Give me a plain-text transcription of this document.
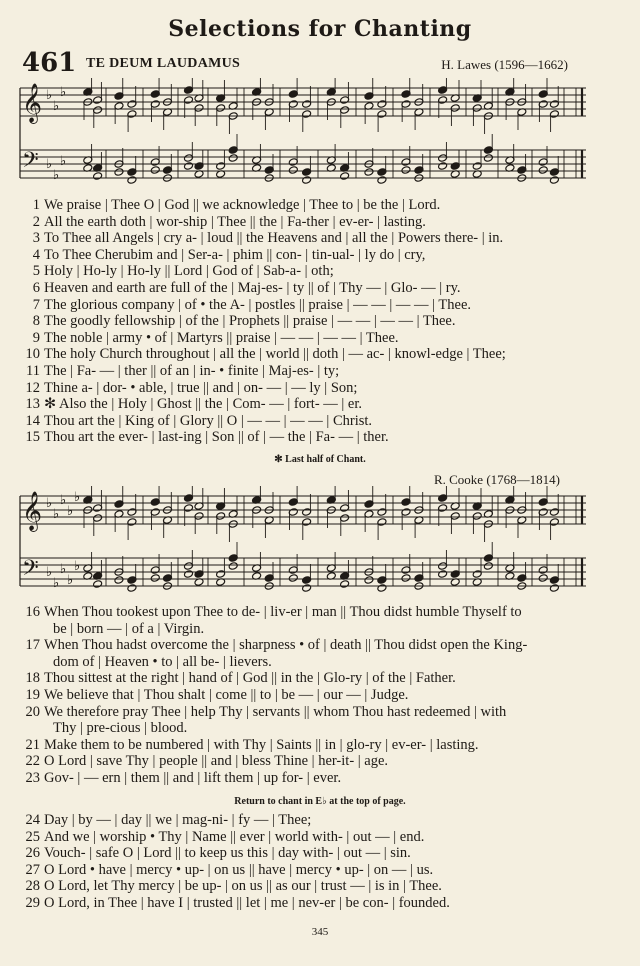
Selections for Chanting
461 TE DEUM LAUDAMUS	H. Lawes (1596—1662)
𝄞 ♭
♭
♭
𝄢 ♭
♭
♭
1 We praise | Thee O | God || we acknowledge | Thee to | be the | Lord.
2 All the earth doth | wor-ship | Thee || the | Fa-ther | ev-er- | lasting.
3 To Thee all Angels | cry a- | loud || the Heavens and | all the | Powers there- | in.
4 To Thee Cherubim and | Ser-a- | phim || con- | tin-ual- | ly do | cry,
5 Holy | Ho-ly | Ho-ly || Lord | God of | Sab-a- | oth;
6 Heaven and earth are full of the | Maj-es- | ty || of | Thy — | Glo- — | ry.
7 The glorious company | of • the A- | postles || praise | — — | — — | Thee.
8 The goodly fellowship | of the | Prophets || praise | — — | — — | Thee.
9 The noble | army • of | Martyrs || praise | — — | — — | Thee.
10 The holy Church throughout | all the | world || doth | — ac- | knowl-edge | Thee;
11 The | Fa- — | ther || of an | in- • finite | Maj-es- | ty;
12 Thine a- | dor- • able, | true || and | on- — | — ly | Son;
13 ✻ Also the | Holy | Ghost || the | Com- — | fort- — | er.
14 Thou art the | King of | Glory || O | — — | — — | Christ.
15 Thou art the ever- | last-ing | Son || of | — the | Fa- — | ther.
✻ Last half of Chant.
R. Cooke (1768—1814)
𝄞 ♭
♭
♭
♭
♭
𝄢 ♭
♭
♭
♭
♭
16 When Thou tookest upon Thee to de- | liv-er | man || Thou didst humble Thyself to
be | born — | of a | Virgin.
17 When Thou hadst overcome the | sharpness • of | death || Thou didst open the King-
dom of | Heaven • to | all be- | lievers.
18 Thou sittest at the right | hand of | God || in the | Glo-ry | of the | Father.
19 We believe that | Thou shalt | come || to | be — | our — | Judge.
20 We therefore pray Thee | help Thy | servants || whom Thou hast redeemed | with
Thy | pre-cious | blood.
21 Make them to be numbered | with Thy | Saints || in | glo-ry | ev-er- | lasting.
22 O Lord | save Thy | people || and | bless Thine | her-it- | age.
23 Gov- | — ern | them || and | lift them | up for- | ever.
Return to chant in E♭ at the top of page.
24 Day | by — | day || we | mag-ni- | fy — | Thee;
25 And we | worship • Thy | Name || ever | world with- | out — | end.
26 Vouch- | safe O | Lord || to keep us this | day with- | out — | sin.
27 O Lord • have | mercy • up- | on us || have | mercy • up- | on — | us.
28 O Lord, let Thy mercy | be up- | on us || as our | trust — | is in | Thee.
29 O Lord, in Thee | have I | trusted || let | me | nev-er | be con- | founded.
345
